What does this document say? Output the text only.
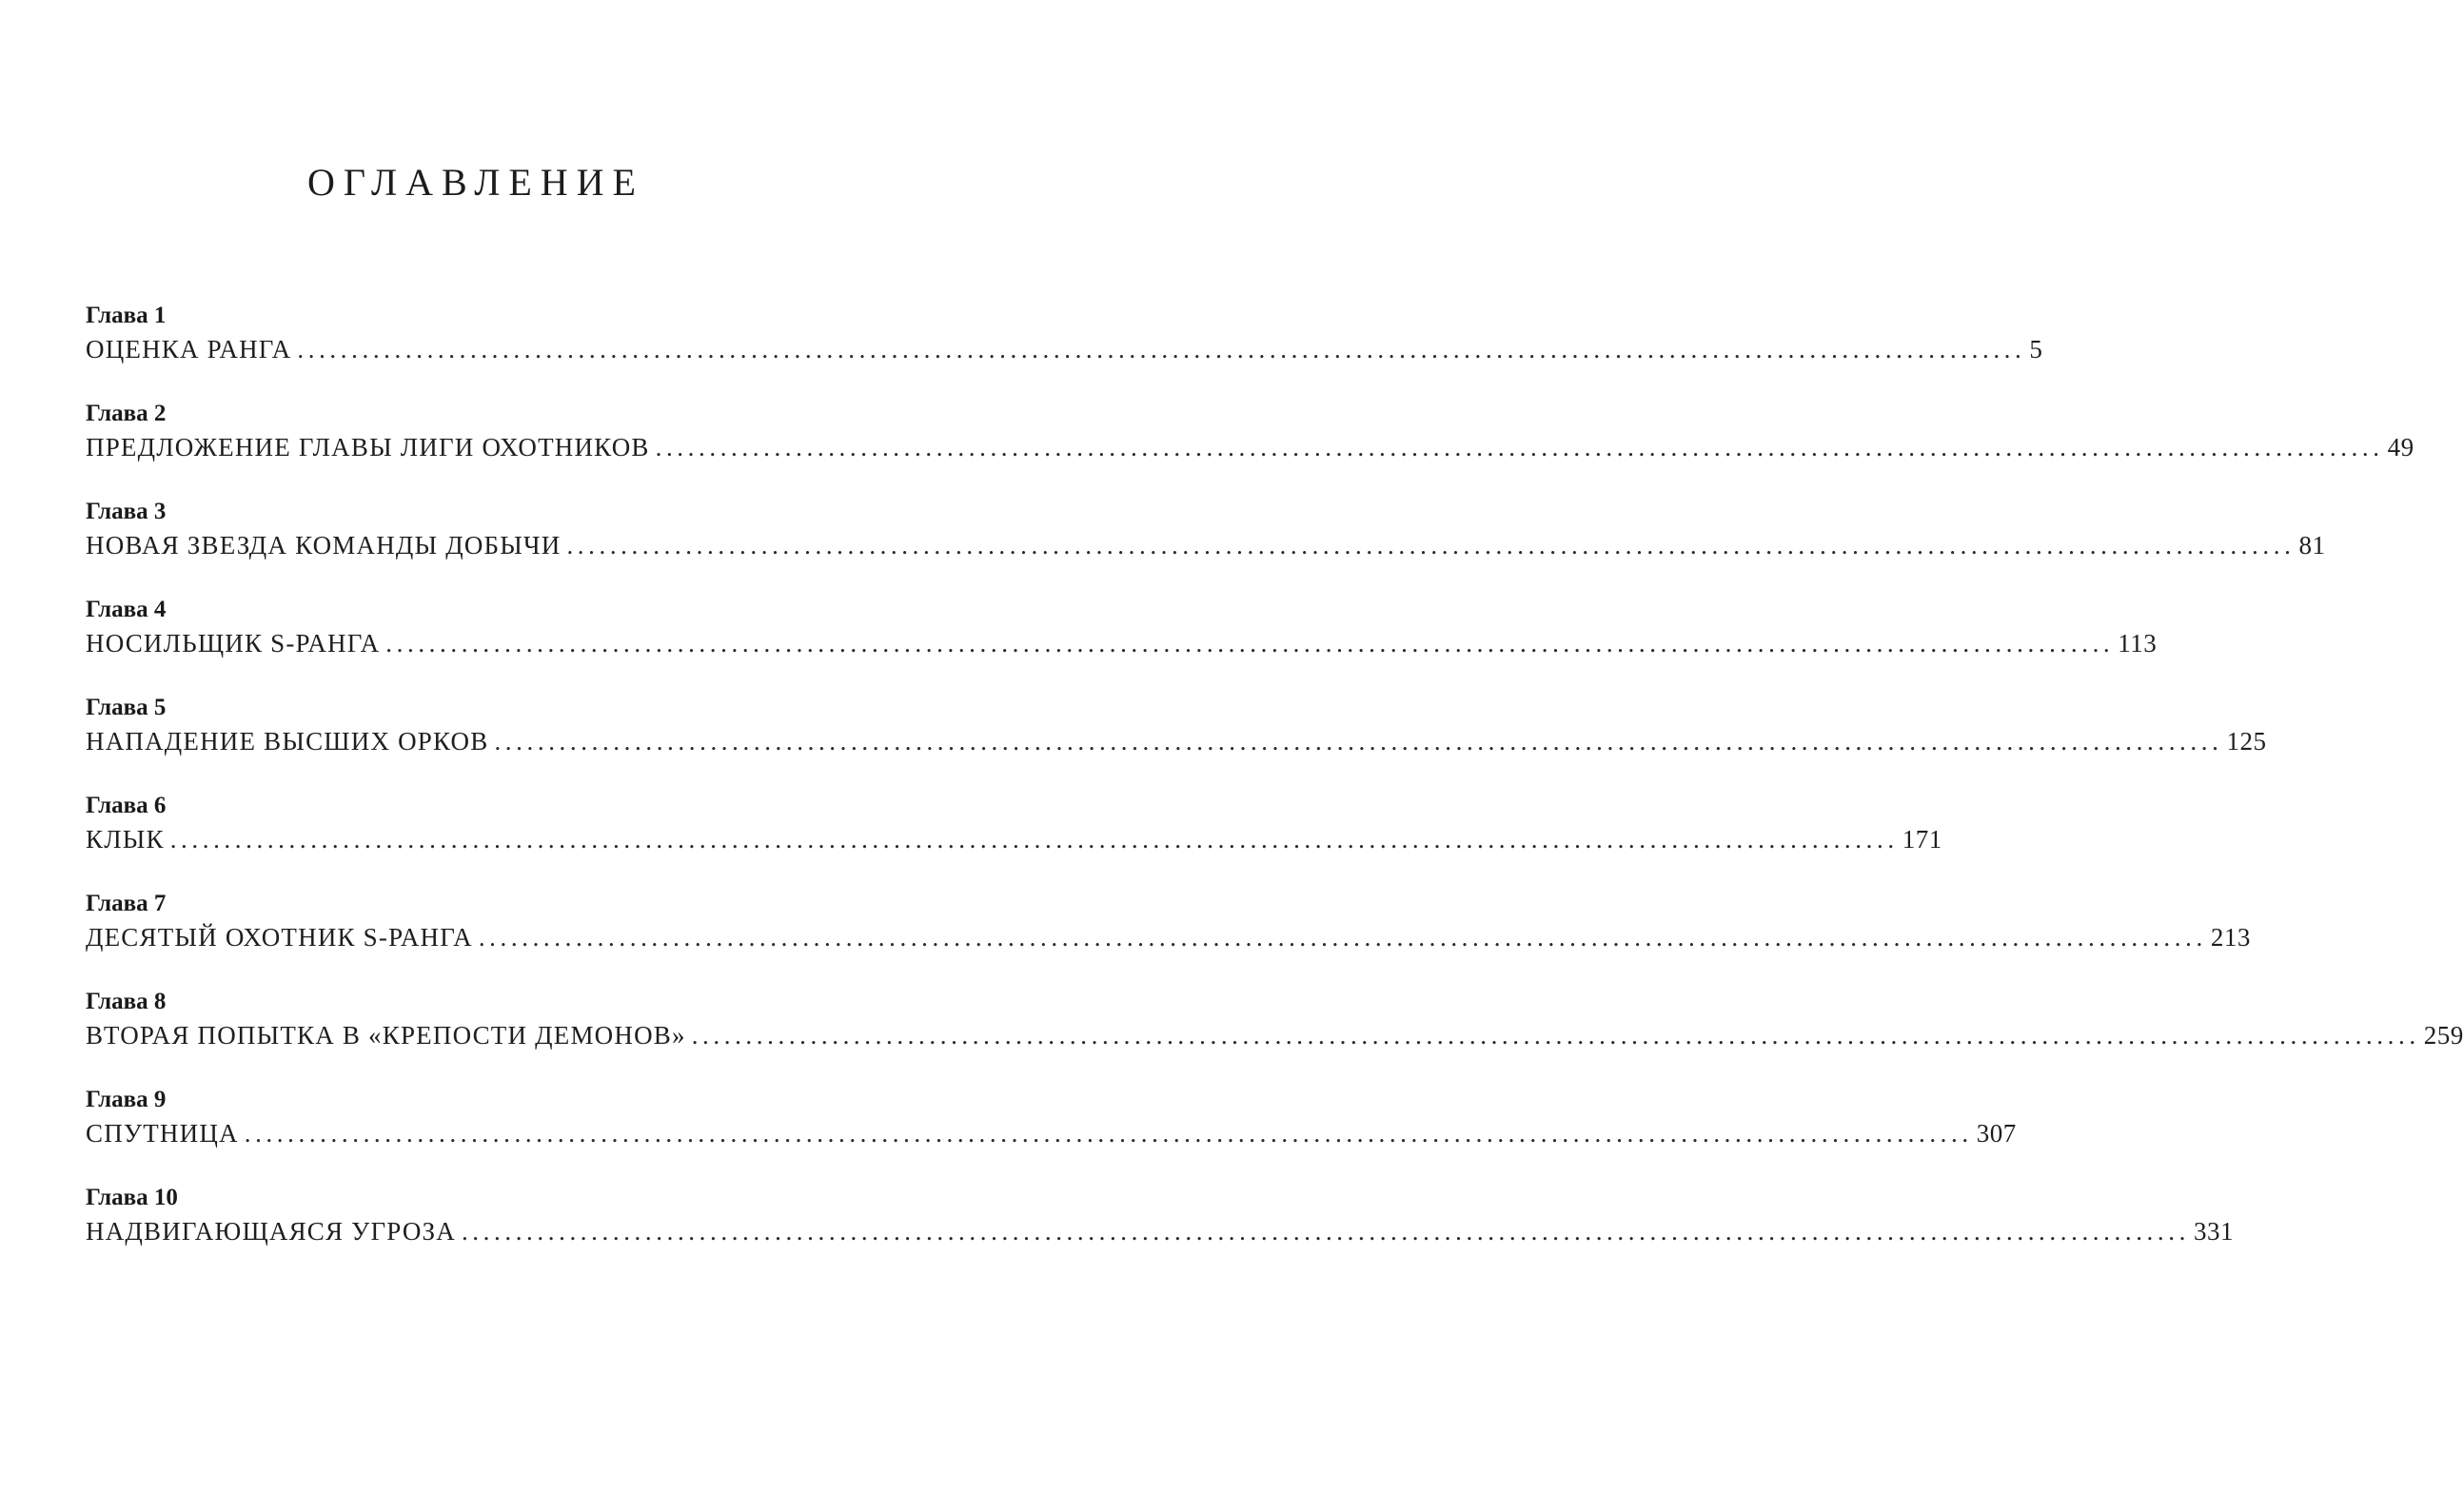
ОГЛАВЛЕНИЕ
Глава 1
ОЦЕНКА РАНГА ................................................................................................................................................................ 5
Глава 2
ПРЕДЛОЖЕНИЕ ГЛАВЫ ЛИГИ ОХОТНИКОВ ................................................................................................................................................................ 49
Глава 3
НОВАЯ ЗВЕЗДА КОМАНДЫ ДОБЫЧИ ................................................................................................................................................................ 81
Глава 4
НОСИЛЬЩИК S-РАНГА ................................................................................................................................................................ 113
Глава 5
НАПАДЕНИЕ ВЫСШИХ ОРКОВ ................................................................................................................................................................ 125
Глава 6
КЛЫК ................................................................................................................................................................ 171
Глава 7
ДЕСЯТЫЙ ОХОТНИК S-РАНГА ................................................................................................................................................................ 213
Глава 8
ВТОРАЯ ПОПЫТКА В «КРЕПОСТИ ДЕМОНОВ» ................................................................................................................................................................ 259
Глава 9
СПУТНИЦА ................................................................................................................................................................ 307
Глава 10
НАДВИГАЮЩАЯСЯ УГРОЗА ................................................................................................................................................................ 331
